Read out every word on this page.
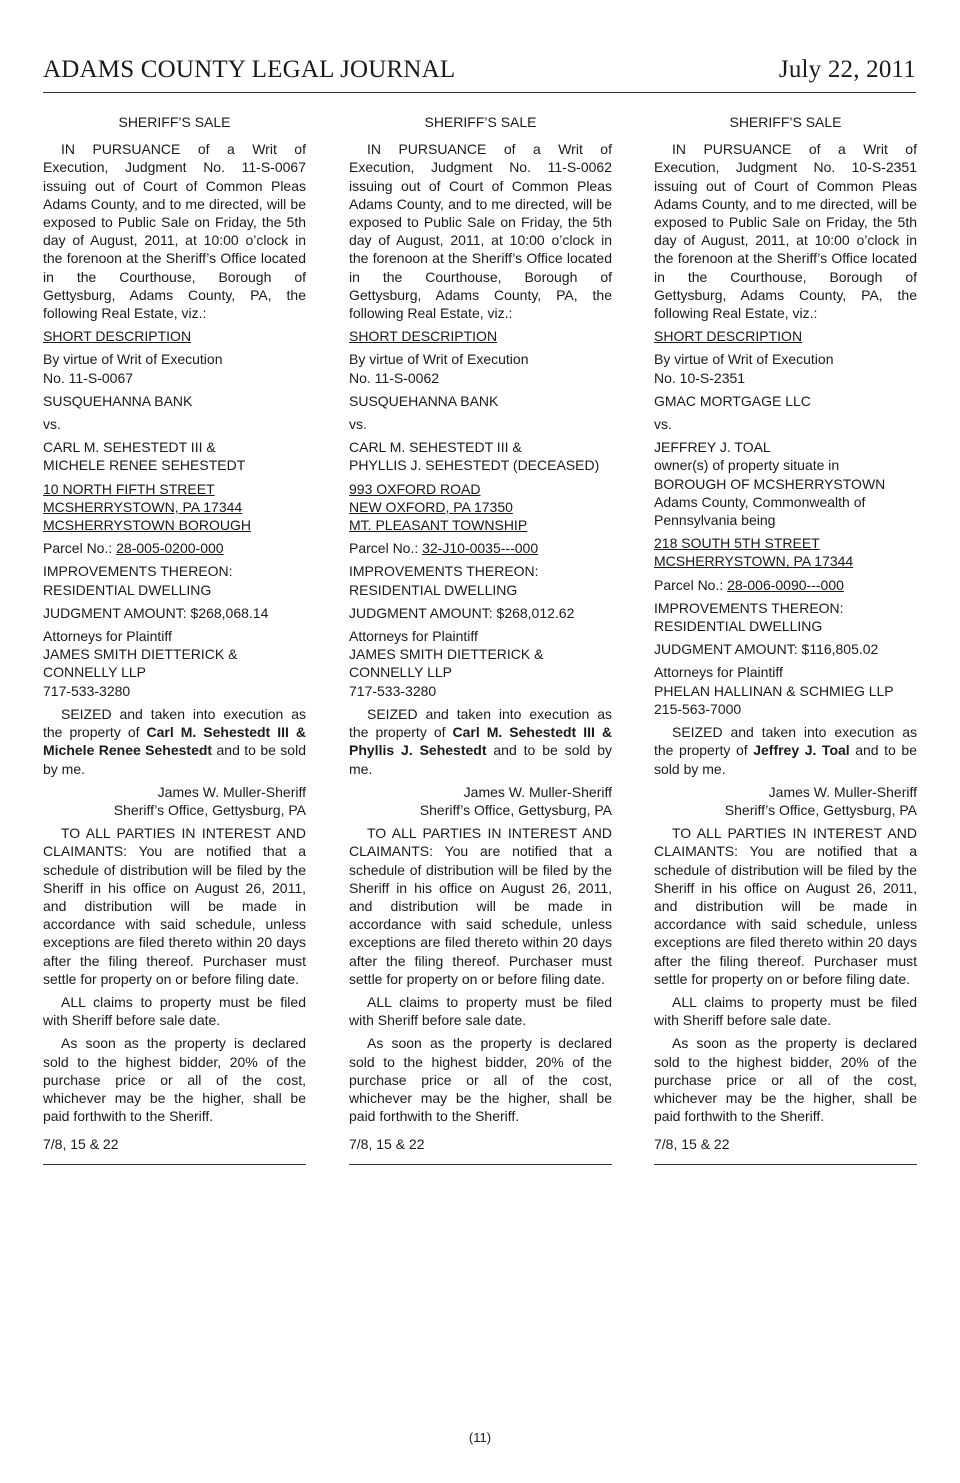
ADAMS COUNTY LEGAL JOURNAL	July 22, 2011

SHERIFF’S SALE

IN PURSUANCE of a Writ of Execution, Judgment No. 11-S-0067 issuing out of Court of Common Pleas Adams County, and to me directed, will be exposed to Public Sale on Friday, the 5th day of August, 2011, at 10:00 o’clock in the forenoon at the Sheriff’s Office located in the Courthouse, Borough of Gettysburg, Adams County, PA, the following Real Estate, viz.:

SHORT DESCRIPTION

By virtue of Writ of Execution
No. 11-S-0067

SUSQUEHANNA BANK

vs.

CARL M. SEHESTEDT III &
MICHELE RENEE SEHESTEDT

10 NORTH FIFTH STREET
MCSHERRYSTOWN, PA 17344
MCSHERRYSTOWN BOROUGH

Parcel No.: 28-005-0200-000

IMPROVEMENTS THEREON:
RESIDENTIAL DWELLING

JUDGMENT AMOUNT: $268,068.14

Attorneys for Plaintiff
JAMES SMITH DIETTERICK &
CONNELLY LLP
717-533-3280

SEIZED and taken into execution as the property of Carl M. Sehestedt III & Michele Renee Sehestedt and to be sold by me.

James W. Muller-Sheriff
Sheriff’s Office, Gettysburg, PA

TO ALL PARTIES IN INTEREST AND CLAIMANTS: You are notified that a schedule of distribution will be filed by the Sheriff in his office on August 26, 2011, and distribution will be made in accordance with said schedule, unless exceptions are filed thereto within 20 days after the filing thereof. Purchaser must settle for property on or before filing date.

ALL claims to property must be filed with Sheriff before sale date.

As soon as the property is declared sold to the highest bidder, 20% of the purchase price or all of the cost, whichever may be the higher, shall be paid forthwith to the Sheriff.

7/8, 15 & 22

SHERIFF’S SALE

IN PURSUANCE of a Writ of Execution, Judgment No. 11-S-0062 issuing out of Court of Common Pleas Adams County, and to me directed, will be exposed to Public Sale on Friday, the 5th day of August, 2011, at 10:00 o’clock in the forenoon at the Sheriff’s Office located in the Courthouse, Borough of Gettysburg, Adams County, PA, the following Real Estate, viz.:

SHORT DESCRIPTION

By virtue of Writ of Execution
No. 11-S-0062

SUSQUEHANNA BANK

vs.

CARL M. SEHESTEDT III &
PHYLLIS J. SEHESTEDT (DECEASED)

993 OXFORD ROAD
NEW OXFORD, PA 17350
MT. PLEASANT TOWNSHIP

Parcel No.: 32-J10-0035---000

IMPROVEMENTS THEREON:
RESIDENTIAL DWELLING

JUDGMENT AMOUNT: $268,012.62

Attorneys for Plaintiff
JAMES SMITH DIETTERICK &
CONNELLY LLP
717-533-3280

SEIZED and taken into execution as the property of Carl M. Sehestedt III & Phyllis J. Sehestedt and to be sold by me.

James W. Muller-Sheriff
Sheriff’s Office, Gettysburg, PA

TO ALL PARTIES IN INTEREST AND CLAIMANTS: You are notified that a schedule of distribution will be filed by the Sheriff in his office on August 26, 2011, and distribution will be made in accordance with said schedule, unless exceptions are filed thereto within 20 days after the filing thereof. Purchaser must settle for property on or before filing date.

ALL claims to property must be filed with Sheriff before sale date.

As soon as the property is declared sold to the highest bidder, 20% of the purchase price or all of the cost, whichever may be the higher, shall be paid forthwith to the Sheriff.

7/8, 15 & 22

SHERIFF’S SALE

IN PURSUANCE of a Writ of Execution, Judgment No. 10-S-2351 issuing out of Court of Common Pleas Adams County, and to me directed, will be exposed to Public Sale on Friday, the 5th day of August, 2011, at 10:00 o’clock in the forenoon at the Sheriff’s Office located in the Courthouse, Borough of Gettysburg, Adams County, PA, the following Real Estate, viz.:

SHORT DESCRIPTION

By virtue of Writ of Execution
No. 10-S-2351

GMAC MORTGAGE LLC

vs.

JEFFREY J. TOAL
owner(s) of property situate in
BOROUGH OF MCSHERRYSTOWN
Adams County, Commonwealth of
Pennsylvania being

218 SOUTH 5TH STREET
MCSHERRYSTOWN, PA 17344

Parcel No.: 28-006-0090---000

IMPROVEMENTS THEREON:
RESIDENTIAL DWELLING

JUDGMENT AMOUNT: $116,805.02

Attorneys for Plaintiff
PHELAN HALLINAN & SCHMIEG LLP
215-563-7000

SEIZED and taken into execution as the property of Jeffrey J. Toal and to be sold by me.

James W. Muller-Sheriff
Sheriff’s Office, Gettysburg, PA

TO ALL PARTIES IN INTEREST AND CLAIMANTS: You are notified that a schedule of distribution will be filed by the Sheriff in his office on August 26, 2011, and distribution will be made in accordance with said schedule, unless exceptions are filed thereto within 20 days after the filing thereof. Purchaser must settle for property on or before filing date.

ALL claims to property must be filed with Sheriff before sale date.

As soon as the property is declared sold to the highest bidder, 20% of the purchase price or all of the cost, whichever may be the higher, shall be paid forthwith to the Sheriff.

7/8, 15 & 22

(11)
